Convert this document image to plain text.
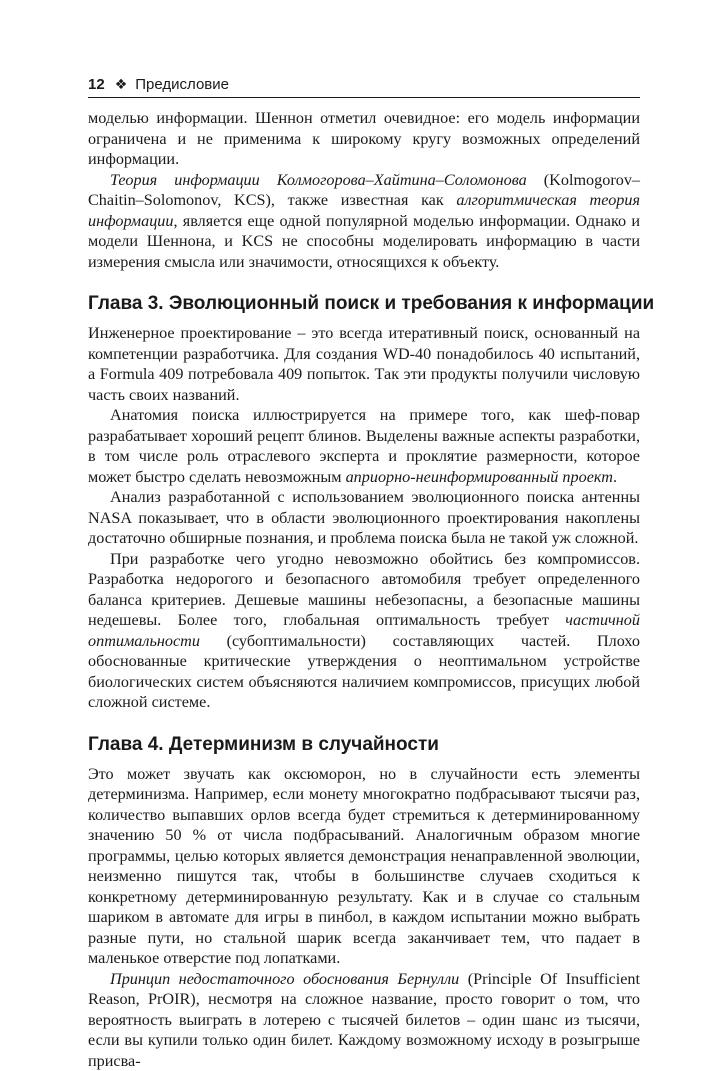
12 ❖ Предисловие

моделью информации. Шеннон отметил очевидное: его модель информации ограничена и не применима к широкому кругу возможных определений информации.

Теория информации Колмогорова–Хайтина–Соломонова (Kolmogorov–Chaitin–Solomonov, KCS), также известная как алгоритмическая теория информации, является еще одной популярной моделью информации. Однако и модели Шеннона, и KCS не способны моделировать информацию в части измерения смысла или значимости, относящихся к объекту.

Глава 3. Эволюционный поиск и требования к информации

Инженерное проектирование – это всегда итеративный поиск, основанный на компетенции разработчика. Для создания WD-40 понадобилось 40 испытаний, а Formula 409 потребовала 409 попыток. Так эти продукты получили числовую часть своих названий.

Анатомия поиска иллюстрируется на примере того, как шеф-повар разрабатывает хороший рецепт блинов. Выделены важные аспекты разработки, в том числе роль отраслевого эксперта и проклятие размерности, которое может быстро сделать невозможным априорно-неинформированный проект.

Анализ разработанной с использованием эволюционного поиска антенны NASA показывает, что в области эволюционного проектирования накоплены достаточно обширные познания, и проблема поиска была не такой уж сложной.

При разработке чего угодно невозможно обойтись без компромиссов. Разработка недорогого и безопасного автомобиля требует определенного баланса критериев. Дешевые машины небезопасны, а безопасные машины недешевы. Более того, глобальная оптимальность требует частичной оптимальности (субоптимальности) составляющих частей. Плохо обоснованные критические утверждения о неоптимальном устройстве биологических систем объясняются наличием компромиссов, присущих любой сложной системе.

Глава 4. Детерминизм в случайности

Это может звучать как оксюморон, но в случайности есть элементы детерминизма. Например, если монету многократно подбрасывают тысячи раз, количество выпавших орлов всегда будет стремиться к детерминированному значению 50 % от числа подбрасываний. Аналогичным образом многие программы, целью которых является демонстрация ненаправленной эволюции, неизменно пишутся так, чтобы в большинстве случаев сходиться к конкретному детерминированную результату. Как и в случае со стальным шариком в автомате для игры в пинбол, в каждом испытании можно выбрать разные пути, но стальной шарик всегда заканчивает тем, что падает в маленькое отверстие под лопатками.

Принцип недостаточного обоснования Бернулли (Principle Of Insufficient Reason, PrOIR), несмотря на сложное название, просто говорит о том, что вероятность выиграть в лотерею с тысячей билетов – один шанс из тысячи, если вы купили только один билет. Каждому возможному исходу в розыгрыше присва-
